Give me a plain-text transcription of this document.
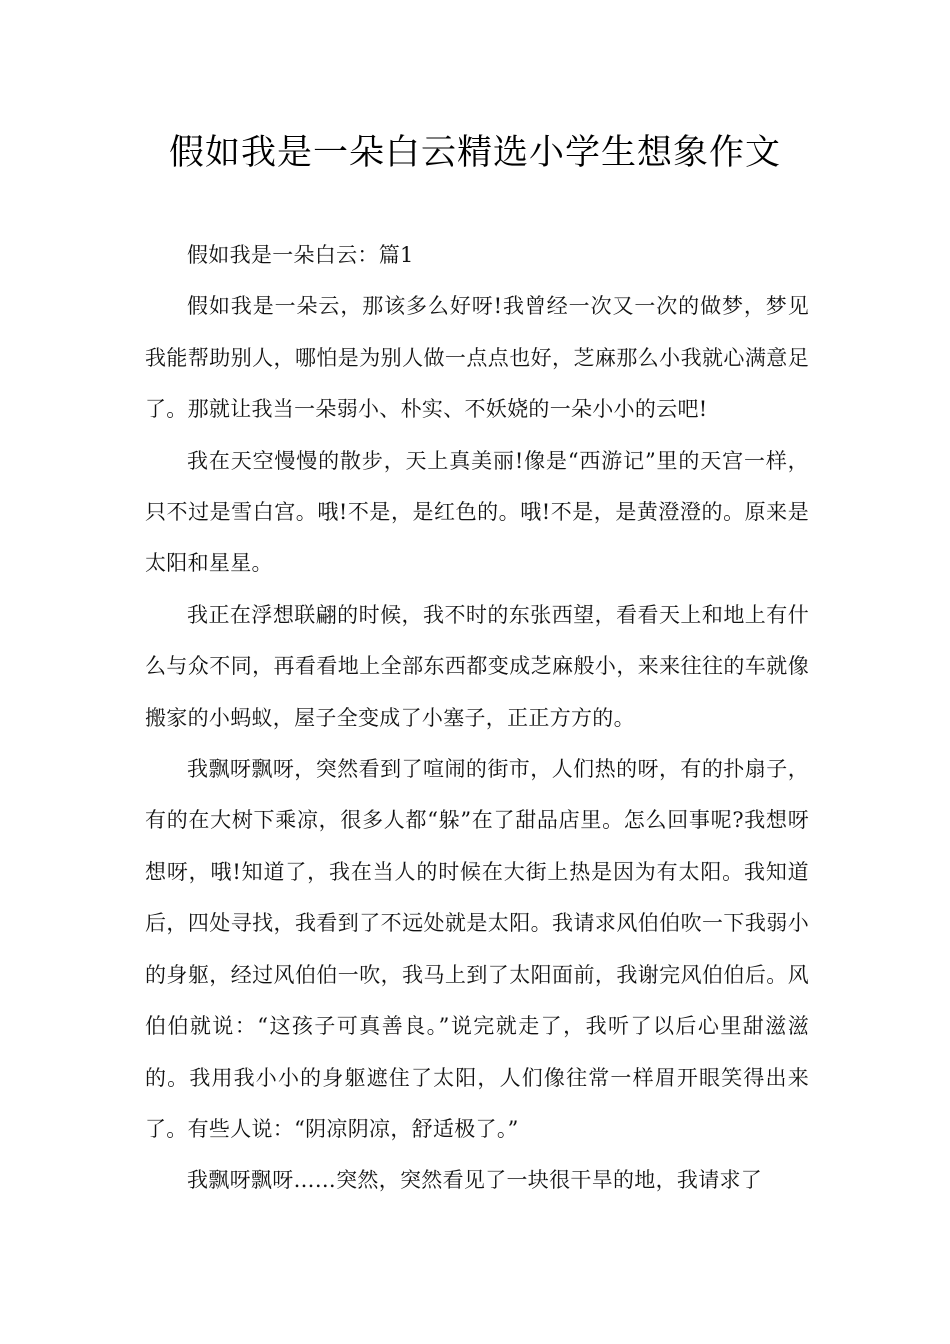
假如我是一朵白云精选小学生想象作文

假如我是一朵白云：篇1

假如我是一朵云，那该多么好呀!我曾经一次又一次的做梦，梦见我能帮助别人，哪怕是为别人做一点点也好，芝麻那么小我就心满意足了。那就让我当一朵弱小、朴实、不妖娆的一朵小小的云吧!

我在天空慢慢的散步，天上真美丽!像是“西游记”里的天宫一样，只不过是雪白宫。哦!不是，是红色的。哦!不是，是黄澄澄的。原来是太阳和星星。

我正在浮想联翩的时候，我不时的东张西望，看看天上和地上有什么与众不同，再看看地上全部东西都变成芝麻般小，来来往往的车就像搬家的小蚂蚁，屋子全变成了小塞子，正正方方的。

我飘呀飘呀，突然看到了喧闹的街市，人们热的呀，有的扑扇子，有的在大树下乘凉，很多人都“躲”在了甜品店里。怎么回事呢?我想呀想呀，哦!知道了，我在当人的时候在大街上热是因为有太阳。我知道后，四处寻找，我看到了不远处就是太阳。我请求风伯伯吹一下我弱小的身躯，经过风伯伯一吹，我马上到了太阳面前，我谢完风伯伯后。风伯伯就说：“这孩子可真善良。”说完就走了，我听了以后心里甜滋滋的。我用我小小的身躯遮住了太阳，人们像往常一样眉开眼笑得出来了。有些人说：“阴凉阴凉，舒适极了。”

我飘呀飘呀……突然，突然看见了一块很干旱的地，我请求了
